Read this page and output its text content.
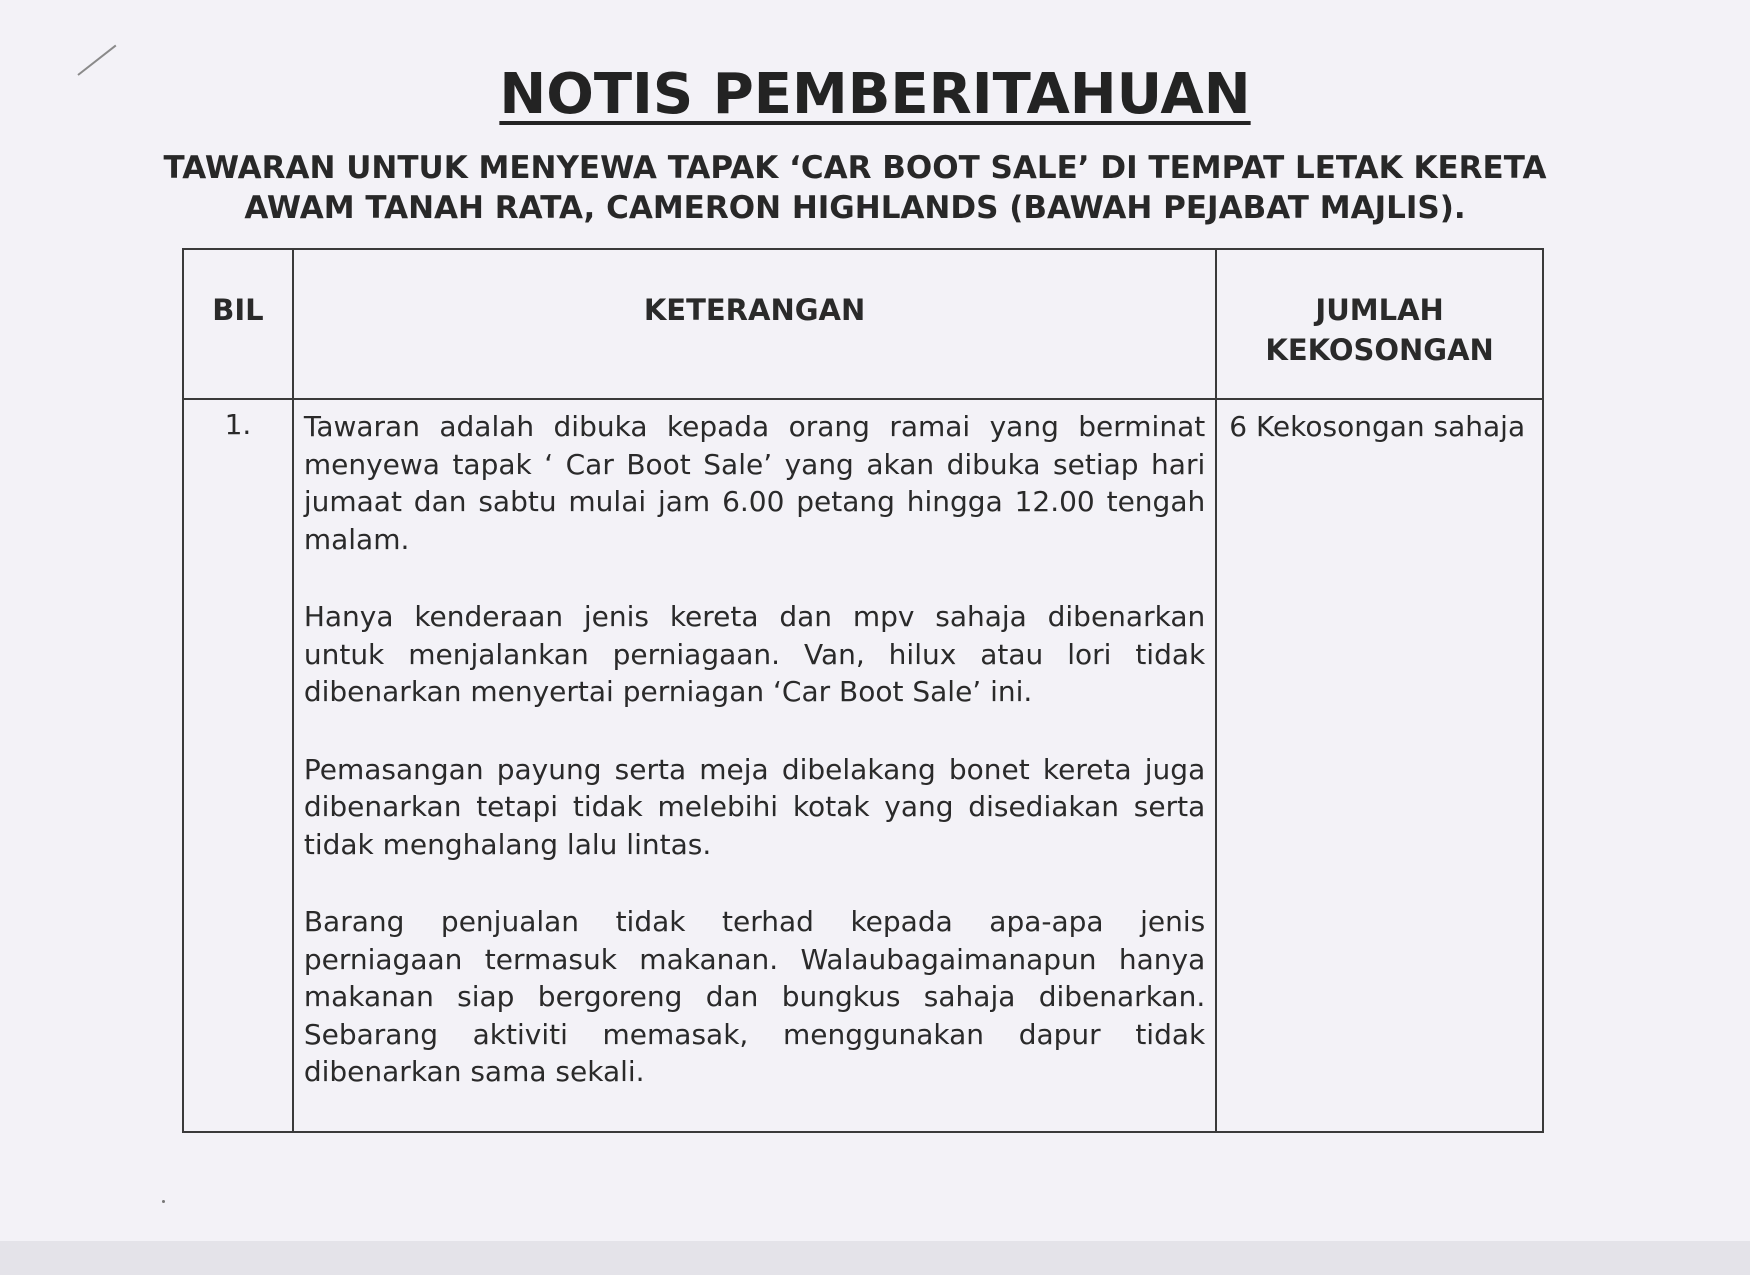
NOTIS PEMBERITAHUAN
TAWARAN UNTUK MENYEWA TAPAK ‘CAR BOOT SALE’ DI TEMPAT LETAK KERETA AWAM TANAH RATA, CAMERON HIGHLANDS (BAWAH PEJABAT MAJLIS).
BIL	KETERANGAN	JUMLAH KEKOSONGAN
1.	Tawaran adalah dibuka kepada orang ramai yang berminat menyewa tapak ‘ Car Boot Sale’ yang akan dibuka setiap hari jumaat dan sabtu mulai jam 6.00 petang hingga 12.00 tengah malam.

Hanya kenderaan jenis kereta dan mpv sahaja dibenarkan untuk menjalankan perniagaan. Van, hilux atau lori tidak dibenarkan menyertai perniagan ‘Car Boot Sale’ ini.

Pemasangan payung serta meja dibelakang bonet kereta juga dibenarkan tetapi tidak melebihi kotak yang disediakan serta tidak menghalang lalu lintas.

Barang penjualan tidak terhad kepada apa-apa jenis perniagaan termasuk makanan. Walaubagaimanapun hanya makanan siap bergoreng dan bungkus sahaja dibenarkan. Sebarang aktiviti memasak, menggunakan dapur tidak dibenarkan sama sekali.	6 Kekosongan sahaja
